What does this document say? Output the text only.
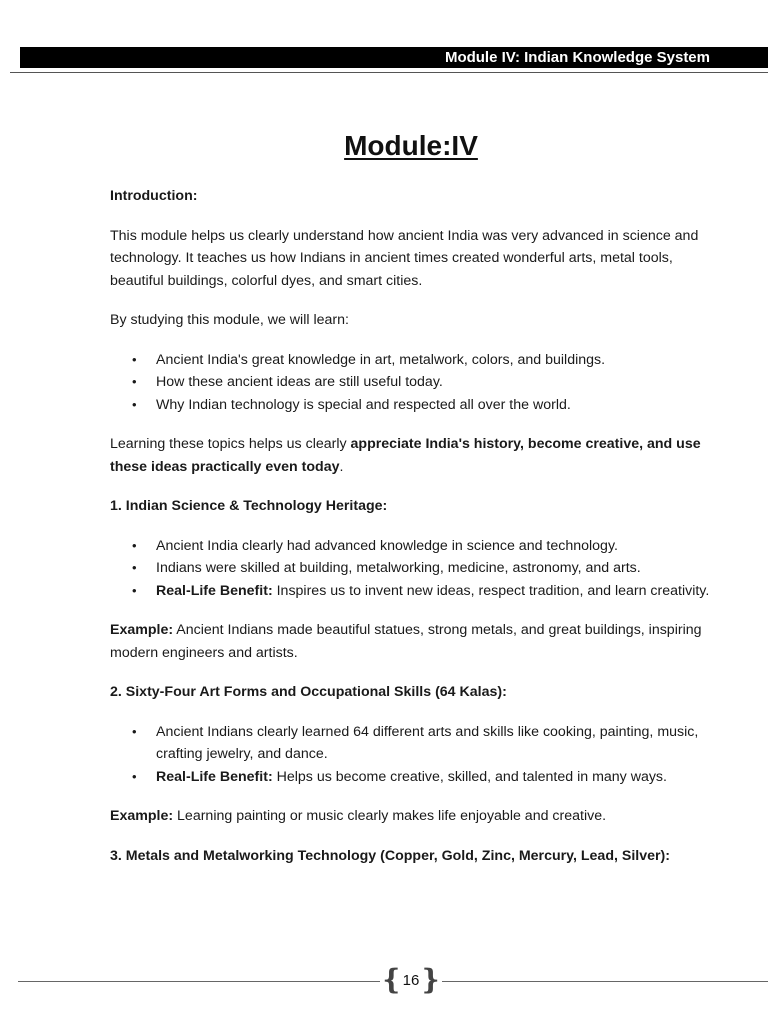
Module IV: Indian Knowledge System
Module:IV

Introduction:

This module helps us clearly understand how ancient India was very advanced in science and technology. It teaches us how Indians in ancient times created wonderful arts, metal tools, beautiful buildings, colorful dyes, and smart cities.

By studying this module, we will learn:

• Ancient India's great knowledge in art, metalwork, colors, and buildings.
• How these ancient ideas are still useful today.
• Why Indian technology is special and respected all over the world.

Learning these topics helps us clearly appreciate India's history, become creative, and use these ideas practically even today.

1. Indian Science & Technology Heritage:

• Ancient India clearly had advanced knowledge in science and technology.
• Indians were skilled at building, metalworking, medicine, astronomy, and arts.
• Real-Life Benefit: Inspires us to invent new ideas, respect tradition, and learn creativity.

Example: Ancient Indians made beautiful statues, strong metals, and great buildings, inspiring modern engineers and artists.

2. Sixty-Four Art Forms and Occupational Skills (64 Kalas):

• Ancient Indians clearly learned 64 different arts and skills like cooking, painting, music, crafting jewelry, and dance.
• Real-Life Benefit: Helps us become creative, skilled, and talented in many ways.

Example: Learning painting or music clearly makes life enjoyable and creative.

3. Metals and Metalworking Technology (Copper, Gold, Zinc, Mercury, Lead, Silver):

❴ 16 ❵
